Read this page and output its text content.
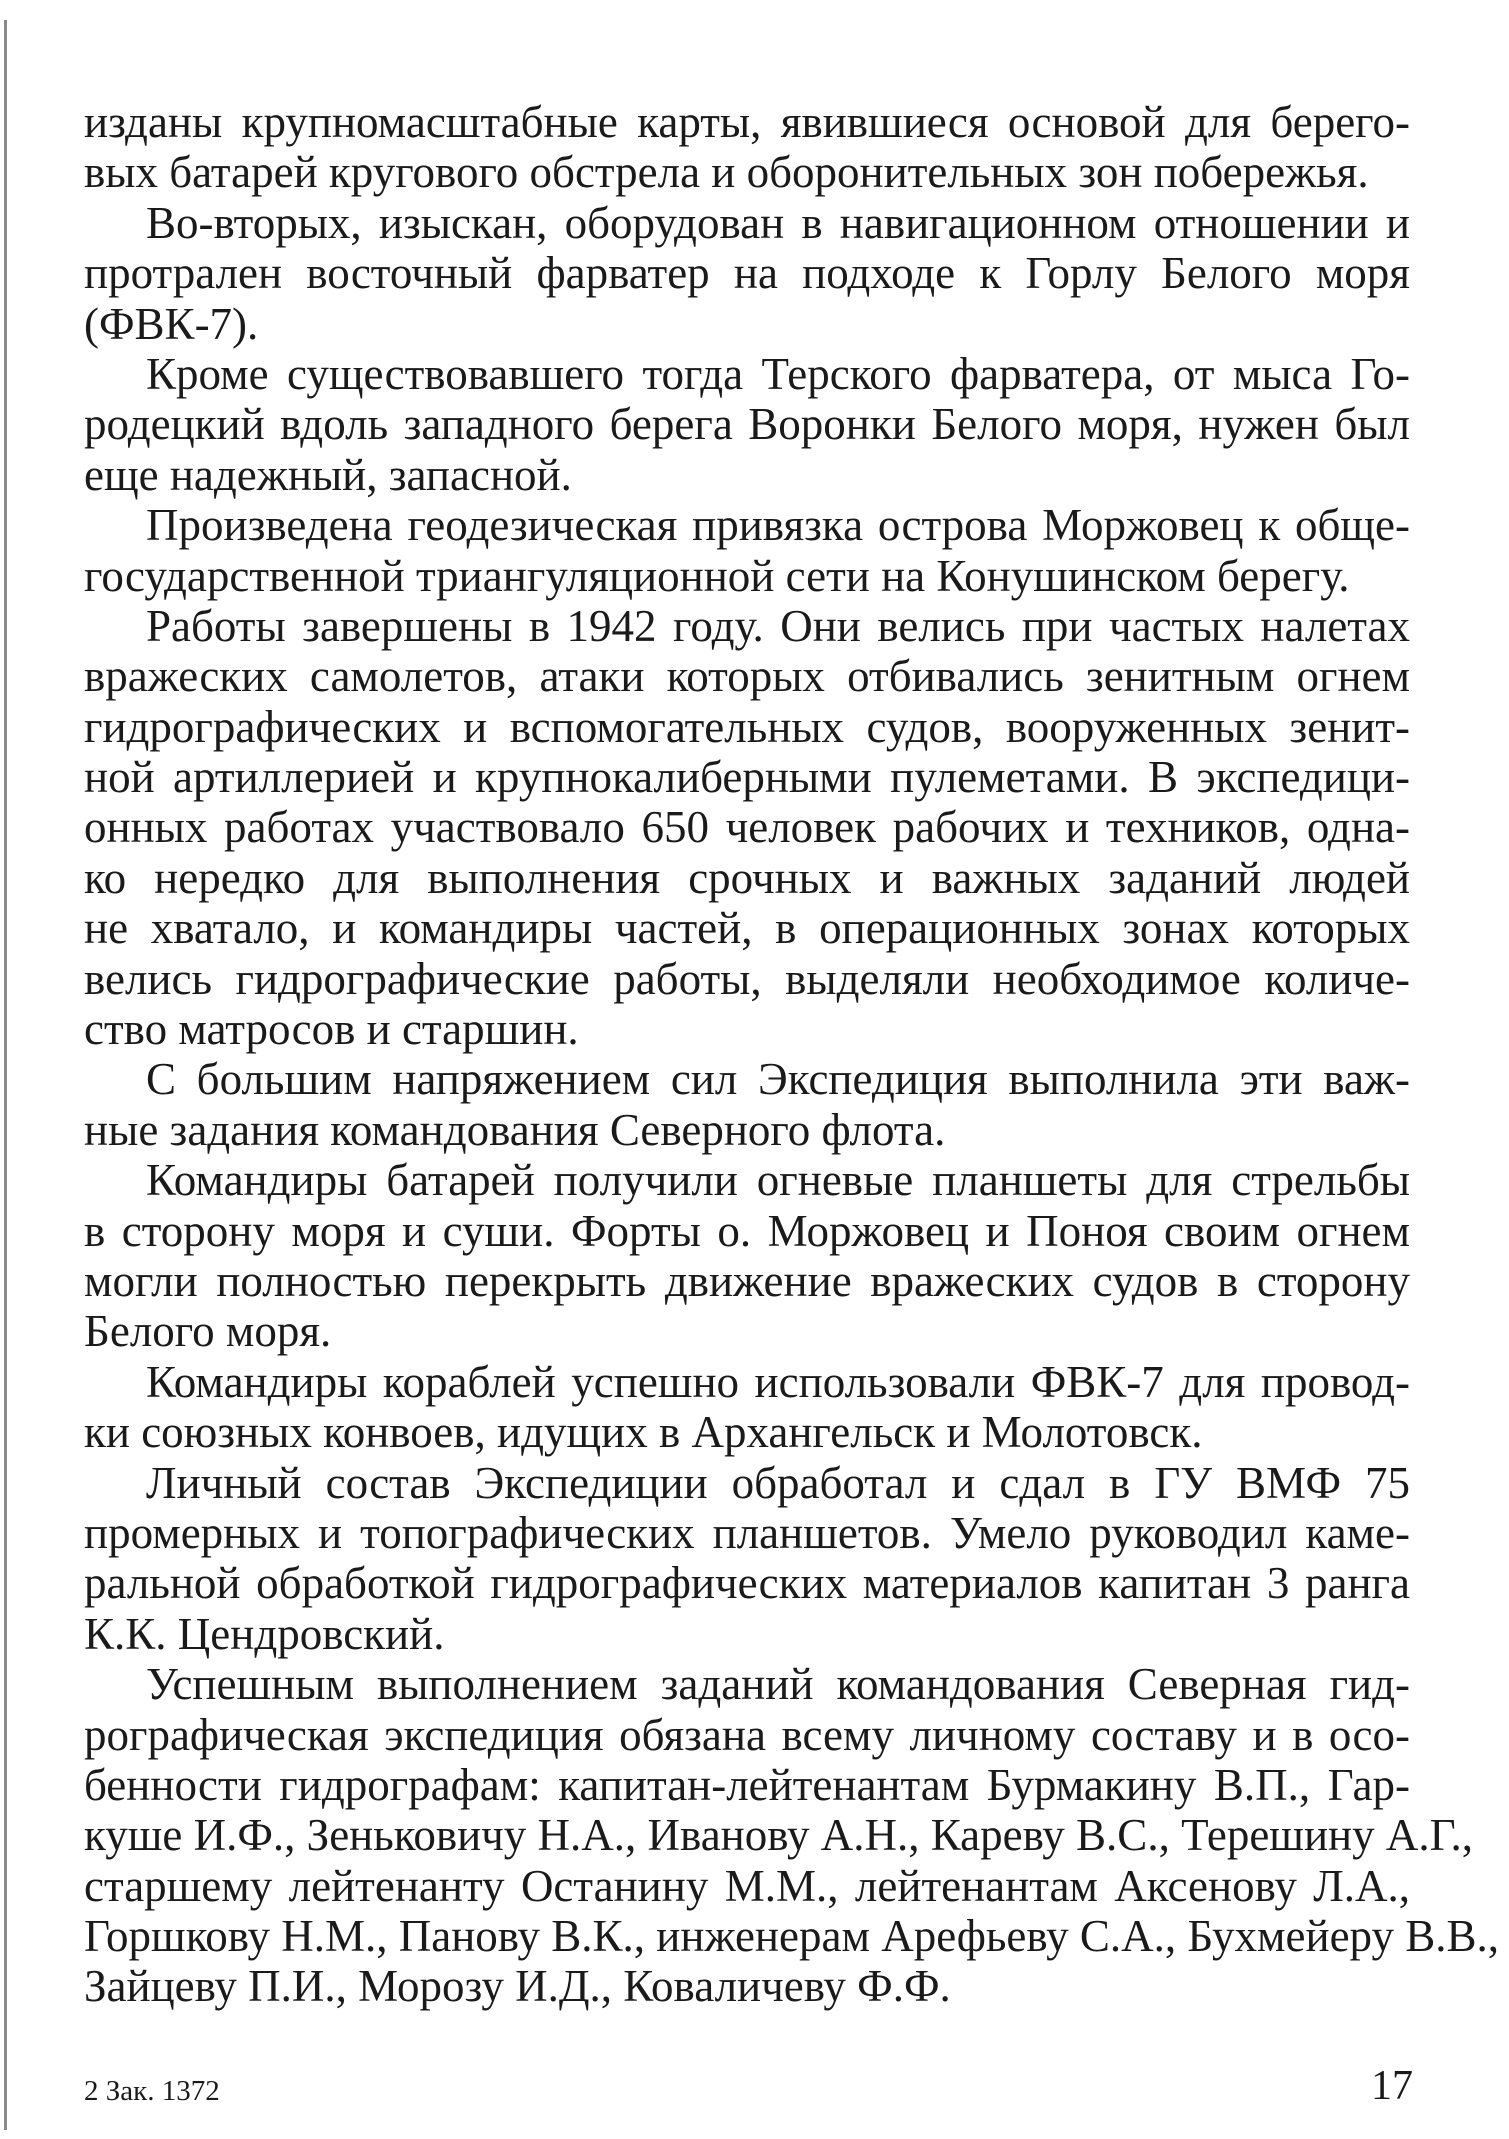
изданы крупномасштабные карты, явившиеся основой для берего-
вых батарей кругового обстрела и оборонительных зон побережья.
Во-вторых, изыскан, оборудован в навигационном отношении и
протрален восточный фарватер на подходе к Горлу Белого моря
(ФВК-7).
Кроме существовавшего тогда Терского фарватера, от мыса Го-
родецкий вдоль западного берега Воронки Белого моря, нужен был
еще надежный, запасной.
Произведена геодезическая привязка острова Моржовец к обще-
государственной триангуляционной сети на Конушинском берегу.
Работы завершены в 1942 году. Они велись при частых налетах
вражеских самолетов, атаки которых отбивались зенитным огнем
гидрографических и вспомогательных судов, вооруженных зенит-
ной артиллерией и крупнокалиберными пулеметами. В экспедици-
онных работах участвовало 650 человек рабочих и техников, одна-
ко нередко для выполнения срочных и важных заданий людей
не хватало, и командиры частей, в операционных зонах которых
велись гидрографические работы, выделяли необходимое количе-
ство матросов и старшин.
С большим напряжением сил Экспедиция выполнила эти важ-
ные задания командования Северного флота.
Командиры батарей получили огневые планшеты для стрельбы
в сторону моря и суши. Форты о. Моржовец и Поноя своим огнем
могли полностью перекрыть движение вражеских судов в сторону
Белого моря.
Командиры кораблей успешно использовали ФВК-7 для провод-
ки союзных конвоев, идущих в Архангельск и Молотовск.
Личный состав Экспедиции обработал и сдал в ГУ ВМФ 75
промерных и топографических планшетов. Умело руководил каме-
ральной обработкой гидрографических материалов капитан 3 ранга
К.К. Цендровский.
Успешным выполнением заданий командования Северная гид-
рографическая экспедиция обязана всему личному составу и в осо-
бенности гидрографам: капитан-лейтенантам Бурмакину В.П., Гар-
куше И.Ф., Зеньковичу Н.А., Иванову А.Н., Кареву В.С., Терешину А.Г.,
старшему лейтенанту Останину М.М., лейтенантам Аксенову Л.А.,
Горшкову Н.М., Панову В.К., инженерам Арефьеву С.А., Бухмейеру В.В.,
Зайцеву П.И., Морозу И.Д., Коваличеву Ф.Ф.
2 Зак. 1372	17
